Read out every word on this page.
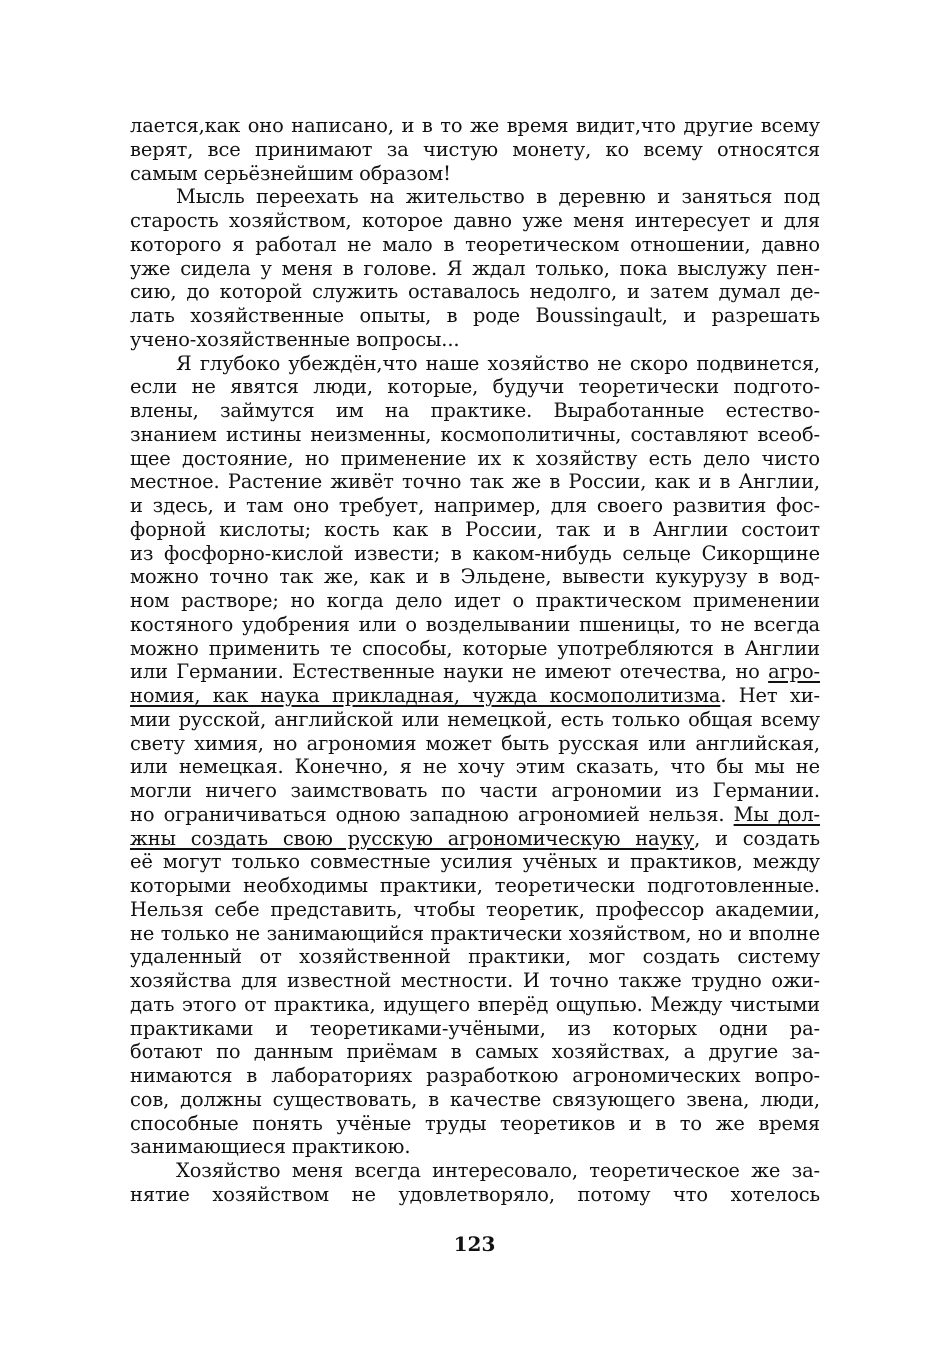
лается,как оно написано, и в то же время видит,что другие всему
верят, все принимают за чистую монету, ко всему относятся
самым серьёзнейшим образом!
Мысль переехать на жительство в деревню и заняться под
старость хозяйством, которое давно уже меня интересует и для
которого я работал не мало в теоретическом отношении, давно
уже сидела у меня в голове. Я ждал только, пока выслужу пен-
сию, до которой служить оставалось недолго, и затем думал де-
лать хозяйственные опыты, в роде Boussingault, и разрешать
учено-хозяйственные вопросы...
Я глубоко убеждён,что наше хозяйство не скоро подвинется,
если не явятся люди, которые, будучи теоретически подгото-
влены, займутся им на практике. Выработанные естество-
знанием истины неизменны, космополитичны, составляют всеоб-
щее достояние, но применение их к хозяйству есть дело чисто
местное. Растение живёт точно так же в России, как и в Англии,
и здесь, и там оно требует, например, для своего развития фос-
форной кислоты; кость как в России, так и в Англии состоит
из фосфорно-кислой извести; в каком-нибудь сельце Сикорщине
можно точно так же, как и в Эльдене, вывести кукурузу в вод-
ном растворе; но когда дело идет о практическом применении
костяного удобрения или о возделывании пшеницы, то не всегда
можно применить те способы, которые употребляются в Англии
или Германии. Естественные науки не имеют отечества, но агро-
номия, как наука прикладная, чужда космополитизма. Нет хи-
мии русской, английской или немецкой, есть только общая всему
свету химия, но агрономия может быть русская или английская,
или немецкая. Конечно, я не хочу этим сказать, что бы мы не
могли ничего заимствовать по части агрономии из Германии.
но ограничиваться одною западною агрономией нельзя. Мы дол-
жны создать свою русскую агрономическую науку, и создать
её могут только совместные усилия учёных и практиков, между
которыми необходимы практики, теоретически подготовленные.
Нельзя себе представить, чтобы теоретик, профессор академии,
не только не занимающийся практически хозяйством, но и вполне
удаленный от хозяйственной практики, мог создать систему
хозяйства для известной местности. И точно также трудно ожи-
дать этого от практика, идущего вперёд ощупью. Между чистыми
практиками и теоретиками-учёными, из которых одни ра-
ботают по данным приёмам в самых хозяйствах, а другие за-
нимаются в лабораториях разработкою агрономических вопро-
сов, должны существовать, в качестве связующего звена, люди,
способные понять учёные труды теоретиков и в то же время
занимающиеся практикою.
Хозяйство меня всегда интересовало, теоретическое же за-
нятие хозяйством не удовлетворяло, потому что хотелось
123
